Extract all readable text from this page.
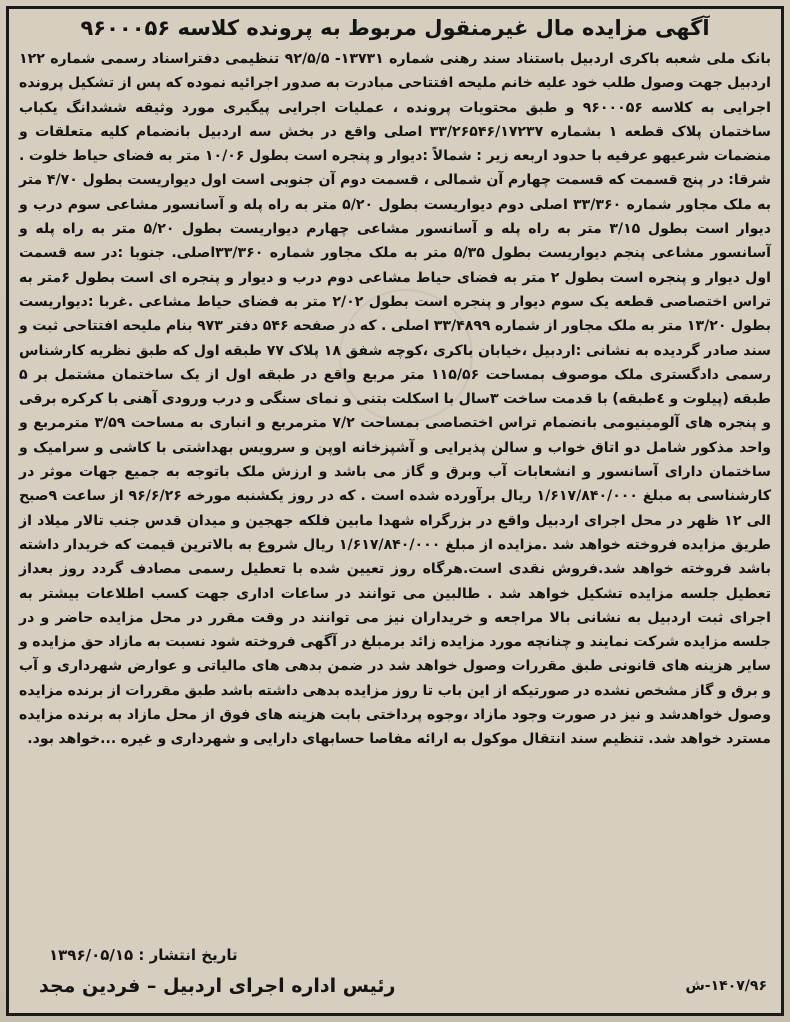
آگهی مزایده مال غیرمنقول مربوط به پرونده کلاسه ۹۶۰۰۰۵۶

بانک ملی شعبه باکری اردبیل باستناد سند رهنی شماره ۱۳۷۳۱- ۹۲/۵/۵ تنظیمی دفتراسناد رسمی شماره ۱۲۲ اردبیل جهت وصول طلب خود علیه خانم ملیحه افتتاحی مبادرت به صدور اجرائیه نموده که پس از تشکیل پرونده اجرایی به کلاسه ۹۶۰۰۰۵۶ و طبق محتویات پرونده ، عملیات اجرایی پیگیری مورد وثیقه ششدانگ یکباب ساختمان پلاک قطعه ۱ بشماره ۳۳/۲۶۵۴۶/۱۷۲۳۷ اصلی واقع در بخش سه اردبیل بانضمام کلیه متعلقات و منضمات شرعیهو عرفیه با حدود اربعه زیر : شمالاً :دیوار و پنجره است بطول ۱۰/۰۶ متر به فضای حیاط خلوت . شرقا: در پنج قسمت که قسمت چهارم آن شمالی ، قسمت دوم آن جنوبی است اول دیواریست بطول ۴/۷۰ متر به ملک مجاور شماره ۳۳/۳۶۰ اصلی دوم دیواریست بطول ۵/۲۰ متر به راه پله و آسانسور مشاعی سوم درب و دیوار است بطول ۳/۱۵ متر به راه پله و آسانسور مشاعی چهارم دیواریست بطول ۵/۲۰ متر به راه پله و آسانسور مشاعی پنجم دیواریست بطول ۵/۳۵ متر به ملک مجاور شماره ۳۳/۳۶۰اصلی. جنوبا :در سه قسمت اول دیوار و پنجره است بطول ۲ متر به فضای حیاط مشاعی دوم درب و دیوار و پنجره ای است بطول ۶متر به تراس اختصاصی قطعه یک سوم دیوار و پنجره است بطول ۲/۰۲ متر به فضای حیاط مشاعی .غربا :دیواریست بطول ۱۳/۲۰ متر به ملک مجاور از شماره ۳۳/۴۸۹۹ اصلی . که در صفحه ۵۴۶ دفتر ۹۷۳ بنام ملیحه افتتاحی ثبت و سند صادر گردیده به نشانی :اردبیل ،خیابان باکری ،کوچه شفق ۱۸ پلاک ۷۷ طبقه اول که طبق نظریه کارشناس رسمی دادگستری ملک موصوف بمساحت ۱۱۵/۵۶ متر مربع واقع در طبقه اول از یک ساختمان مشتمل بر ۵ طبقه (پیلوت و ٤طبقه) با قدمت ساخت ۳سال با اسکلت بتنی و نمای سنگی و درب ورودی آهنی با کرکره برقی و پنجره های آلومینیومی بانضمام تراس اختصاصی بمساحت ۷/۲ مترمربع و انباری به مساحت ۳/۵۹ مترمربع و واحد مذکور شامل دو اتاق خواب و سالن پذیرایی و آشپزخانه اوپن و سرویس بهداشتی با کاشی و سرامیک و ساختمان دارای آسانسور و انشعابات آب وبرق و گاز می باشد و ارزش ملک باتوجه به جمیع جهات موثر در کارشناسی به مبلغ ۱/۶۱۷/۸۴۰/۰۰۰ ریال برآورده شده است . که در روز یکشنبه مورخه ۹۶/۶/۲۶ از ساعت ۹صبح الی ۱۲ ظهر در محل اجرای اردبیل واقع در بزرگراه شهدا مابین فلکه جهجین و میدان قدس جنب تالار میلاد از طریق مزایده فروخته خواهد شد .مزایده از مبلغ ۱/۶۱۷/۸۴۰/۰۰۰ ریال شروع به بالاترین قیمت که خریدار داشته باشد فروخته خواهد شد.فروش نقدی است.هرگاه روز تعیین شده با تعطیل رسمی مصادف گردد روز بعداز تعطیل جلسه مزایده تشکیل خواهد شد . طالبین می توانند در ساعات اداری جهت کسب اطلاعات بیشتر به اجرای ثبت اردبیل به نشانی بالا مراجعه و خریداران نیز می توانند در وقت مقرر در محل مزایده حاضر و در جلسه مزایده شرکت نمایند و چنانچه مورد مزایده زائد برمبلغ در آگهی فروخته شود نسبت به مازاد حق مزایده و سایر هزینه های قانونی طبق مقررات وصول خواهد شد در ضمن بدهی های مالیاتی و عوارض شهرداری و آب و برق و گاز مشخص نشده در صورتیکه از این باب تا روز مزایده بدهی داشته باشد طبق مقررات از برنده مزایده وصول خواهدشد و نیز در صورت وجود مازاد ،وجوه پرداختی بابت هزینه های فوق از محل مازاد به برنده مزایده مسترد خواهد شد. تنظیم سند انتقال موکول به ارائه مفاصا حسابهای دارایی و شهرداری و غیره ...خواهد بود.

تاریخ انتشار : ۱۳۹۶/۰۵/۱۵
رئیس اداره اجرای اردبیل – فردین مجد	۱۴۰۷/۹۶-ش
